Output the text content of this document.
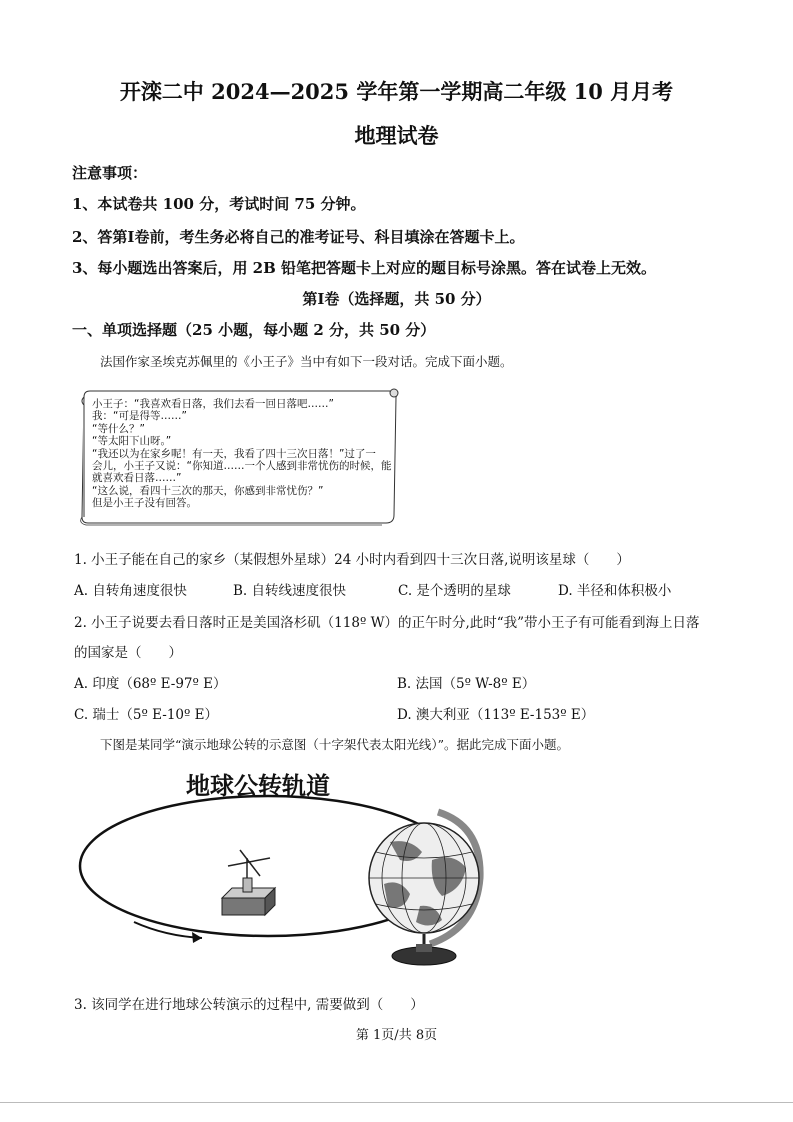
开滦二中 2024—2025 学年第一学期高二年级 10 月月考
地理试卷
注意事项：
1、本试卷共 100 分，考试时间 75 分钟。
2、答第Ⅰ卷前，考生务必将自己的准考证号、科目填涂在答题卡上。
3、每小题选出答案后，用 2B 铅笔把答题卡上对应的题目标号涂黑。答在试卷上无效。
第Ⅰ卷（选择题，共 50 分）
一、单项选择题（25 小题，每小题 2 分，共 50 分）
法国作家圣埃克苏佩里的《小王子》当中有如下一段对话。完成下面小题。
小王子：“我喜欢看日落，我们去看一回日落吧……”
我：“可是得等……”
“等什么？”
“等太阳下山呀。”
“我还以为在家乡呢！有一天，我看了四十三次日落！”过了一
会儿，小王子又说：“你知道……一个人感到非常忧伤的时候，能
就喜欢看日落……”
“这么说，看四十三次的那天，你感到非常忧伤？”
但是小王子没有回答。
1. 小王子能在自己的家乡（某假想外星球）24 小时内看到四十三次日落,说明该星球（　　）
A. 自转角速度很快	B. 自转线速度很快	C. 是个透明的星球	D. 半径和体积极小
2. 小王子说要去看日落时正是美国洛杉矶（118º W）的正午时分,此时“我”带小王子有可能看到海上日落
的国家是（　　）
A. 印度（68º E-97º E）	B. 法国（5º W-8º E）
C. 瑞士（5º E-10º E）	D. 澳大利亚（113º E-153º E）
下图是某同学“演示地球公转的示意图（十字架代表太阳光线）”。据此完成下面小题。
地球公转轨道
3. 该同学在进行地球公转演示的过程中, 需要做到（　　）
第 1页/共 8页
